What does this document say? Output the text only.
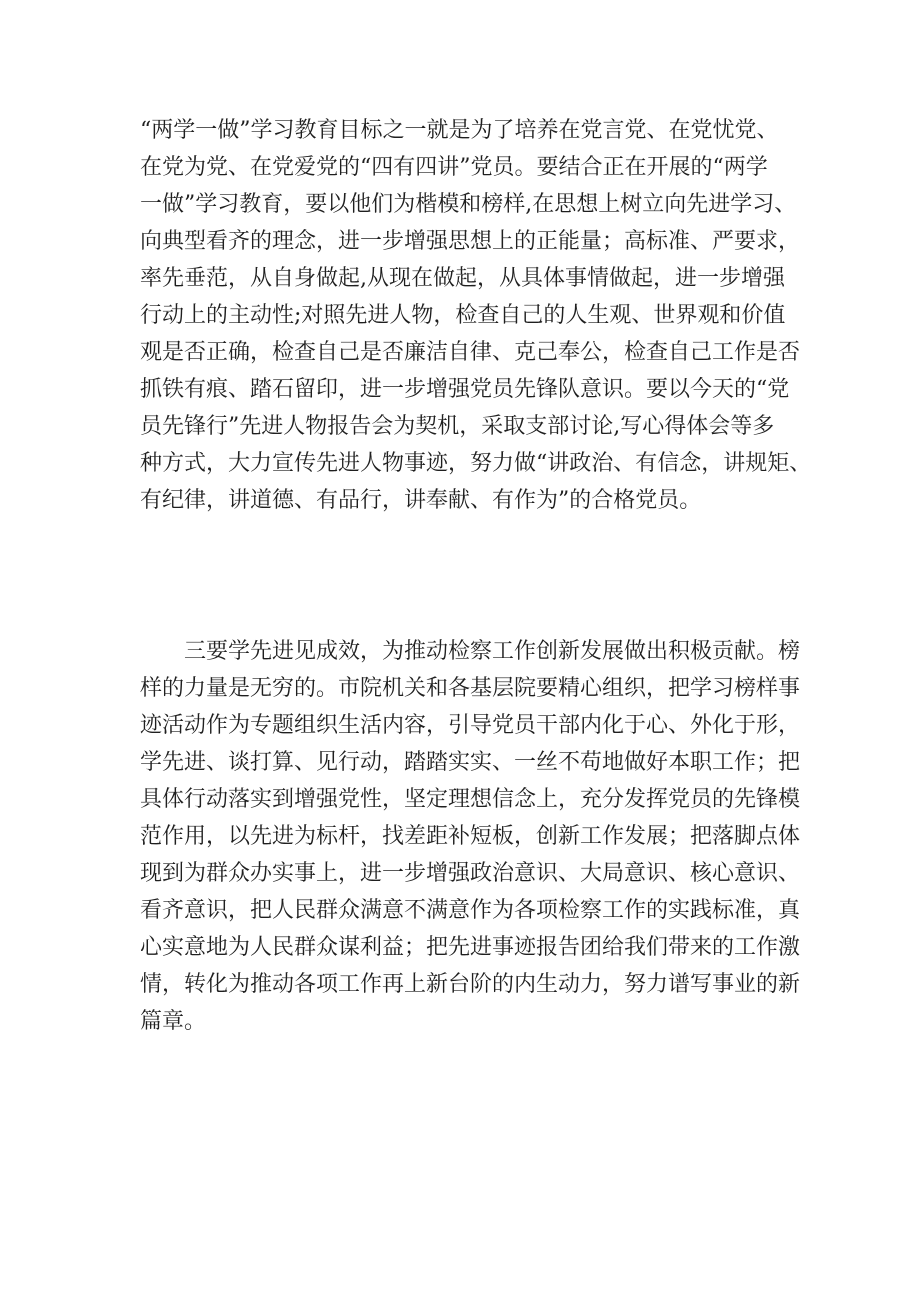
“两学一做”学习教育目标之一就是为了培养在党言党、在党忧党、
在党为党、在党爱党的“四有四讲”党员。要结合正在开展的“两学
一做”学习教育，要以他们为楷模和榜样,在思想上树立向先进学习、
向典型看齐的理念，进一步增强思想上的正能量；高标准、严要求，
率先垂范，从自身做起,从现在做起，从具体事情做起，进一步增强
行动上的主动性;对照先进人物，检查自己的人生观、世界观和价值
观是否正确，检查自己是否廉洁自律、克己奉公，检查自己工作是否
抓铁有痕、踏石留印，进一步增强党员先锋队意识。要以今天的“党
员先锋行”先进人物报告会为契机，采取支部讨论,写心得体会等多
种方式，大力宣传先进人物事迹，努力做“讲政治、有信念，讲规矩、
有纪律，讲道德、有品行，讲奉献、有作为”的合格党员。

　　三要学先进见成效，为推动检察工作创新发展做出积极贡献。榜
样的力量是无穷的。市院机关和各基层院要精心组织，把学习榜样事
迹活动作为专题组织生活内容，引导党员干部内化于心、外化于形，
学先进、谈打算、见行动，踏踏实实、一丝不苟地做好本职工作；把
具体行动落实到增强党性，坚定理想信念上，充分发挥党员的先锋模
范作用，以先进为标杆，找差距补短板，创新工作发展；把落脚点体
现到为群众办实事上，进一步增强政治意识、大局意识、核心意识、
看齐意识，把人民群众满意不满意作为各项检察工作的实践标准，真
心实意地为人民群众谋利益；把先进事迹报告团给我们带来的工作激
情，转化为推动各项工作再上新台阶的内生动力，努力谱写事业的新
篇章。
